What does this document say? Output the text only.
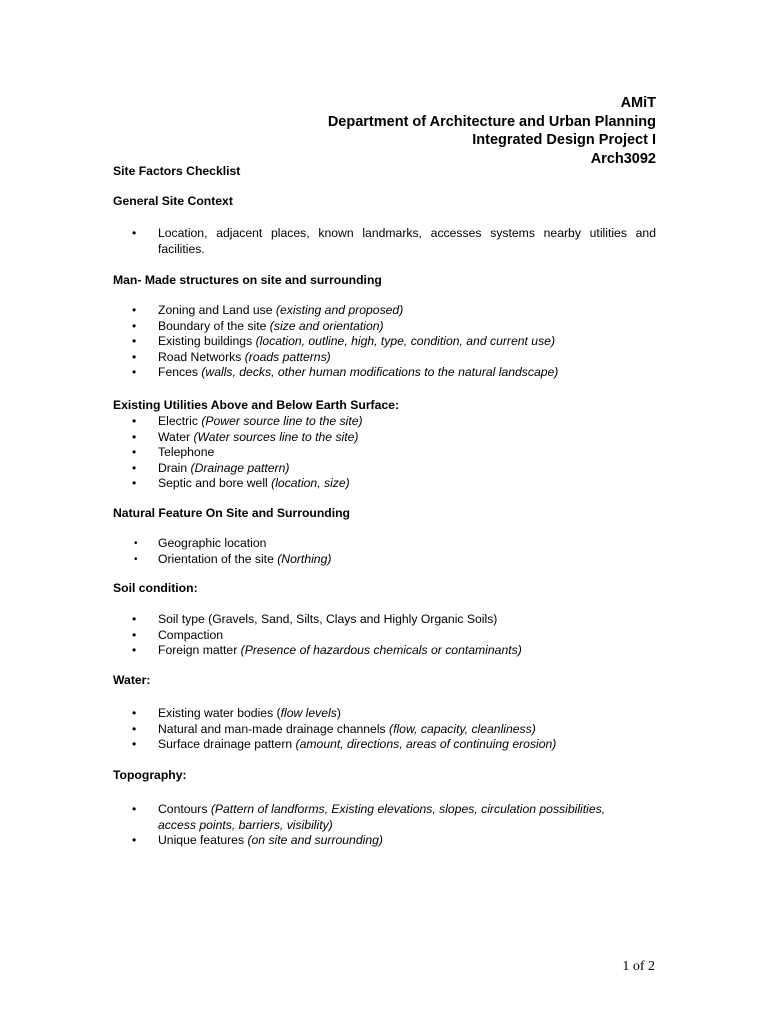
AMiT
Department of Architecture and Urban Planning
Integrated Design Project I
Arch3092
Site Factors Checklist
General Site Context
• Location, adjacent places, known landmarks, accesses systems nearby utilities and facilities.
Man- Made structures on site and surrounding
• Zoning and Land use (existing and proposed)
• Boundary of the site (size and orientation)
• Existing buildings (location, outline, high, type, condition, and current use)
• Road Networks (roads patterns)
• Fences (walls, decks, other human modifications to the natural landscape)
Existing Utilities Above and Below Earth Surface:
• Electric (Power source line to the site)
• Water (Water sources line to the site)
• Telephone
• Drain (Drainage pattern)
• Septic and bore well (location, size)
Natural Feature On Site and Surrounding
• Geographic location
• Orientation of the site (Northing)
Soil condition:
• Soil type (Gravels, Sand, Silts, Clays and Highly Organic Soils)
• Compaction
• Foreign matter (Presence of hazardous chemicals or contaminants)
Water:
• Existing water bodies (flow levels)
• Natural and man-made drainage channels (flow, capacity, cleanliness)
• Surface drainage pattern (amount, directions, areas of continuing erosion)
Topography:
• Contours (Pattern of landforms, Existing elevations, slopes, circulation possibilities,
access points, barriers, visibility)
• Unique features (on site and surrounding)
1 of 2
